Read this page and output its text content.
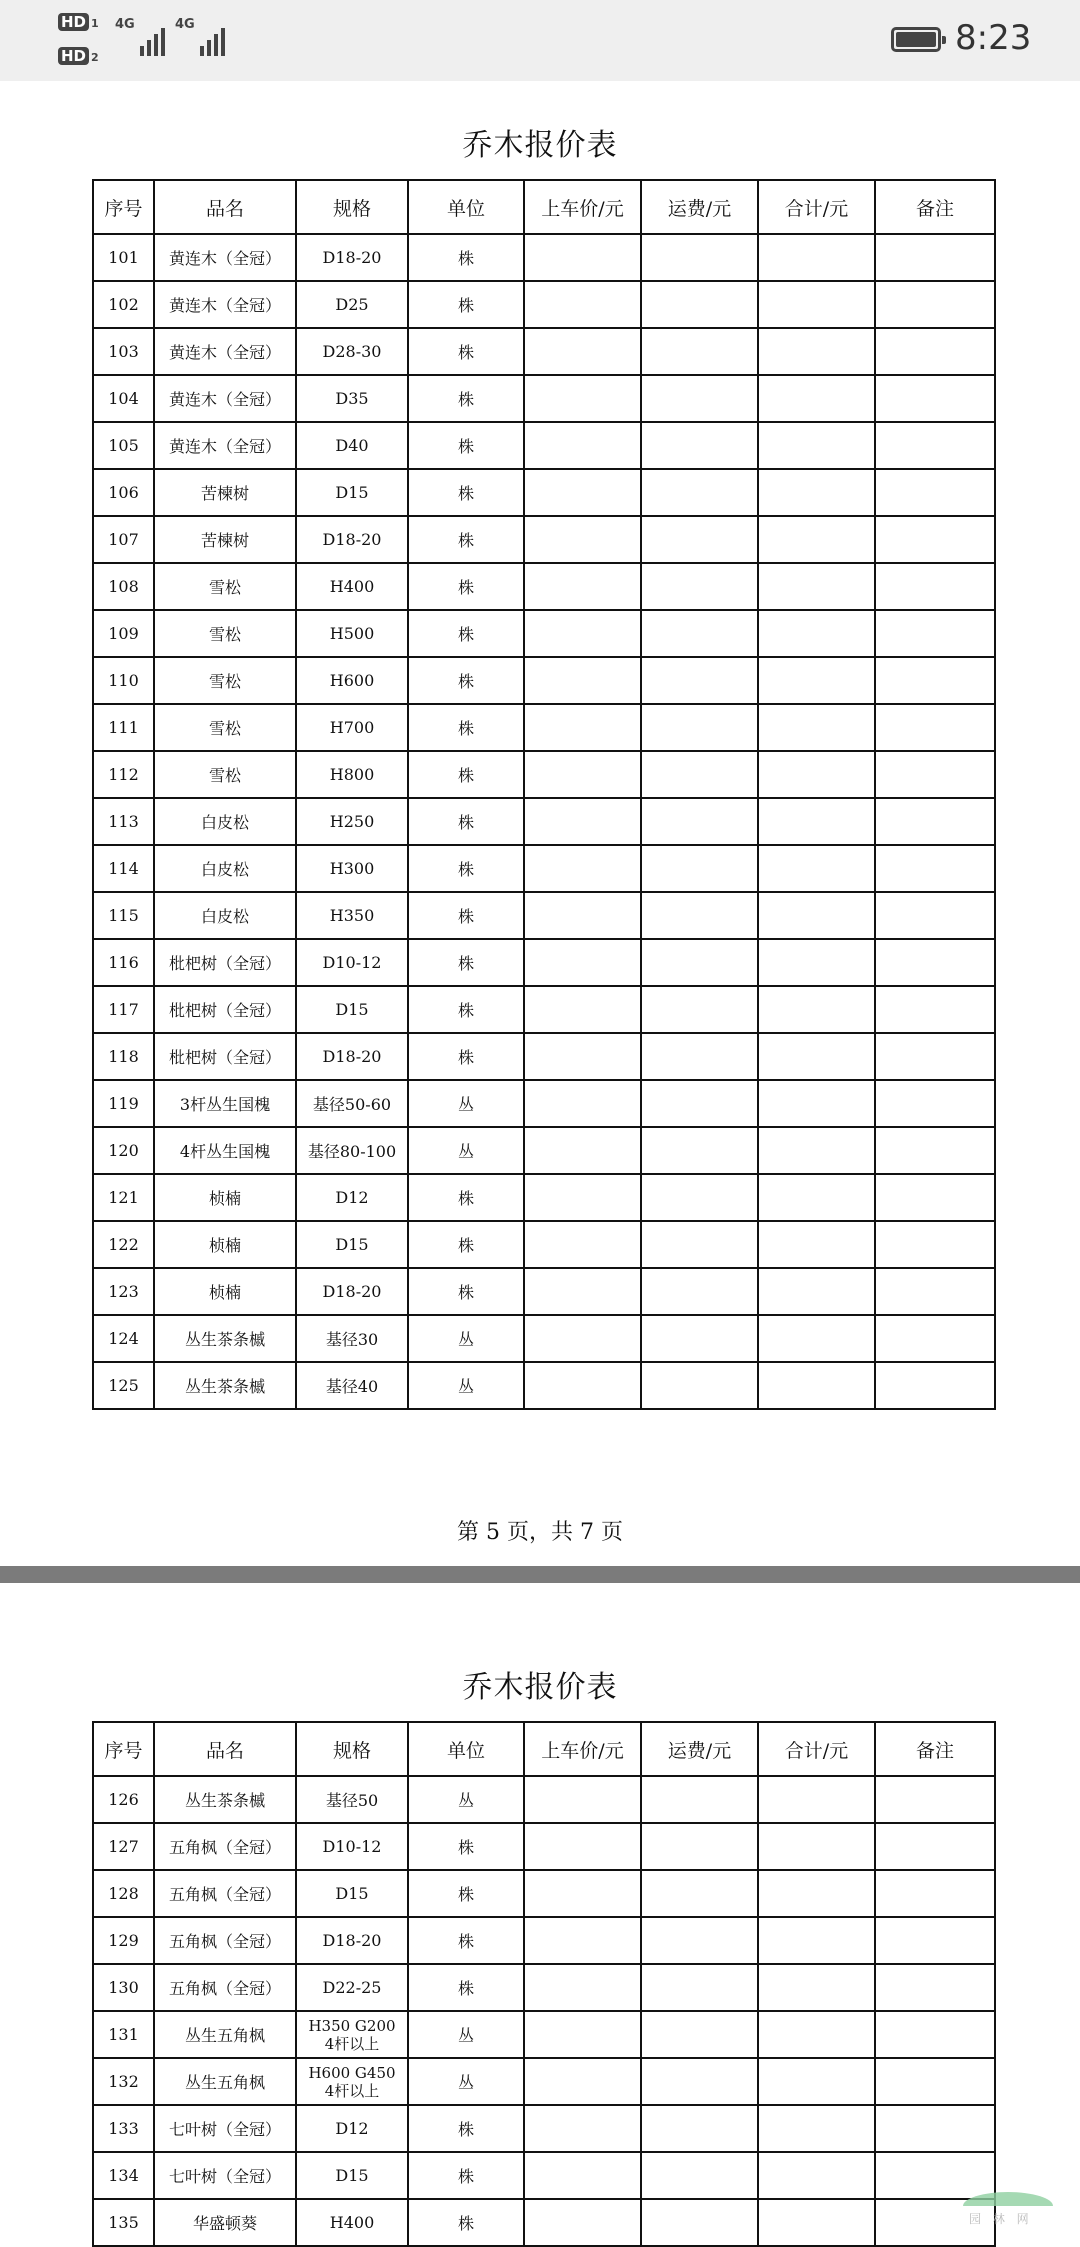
HD 1
HD 2
4G	4G	8:23
乔木报价表
序号	品名	规格	单位	上车价/元	运费/元	合计/元	备注
101	黄连木（全冠）	D18-20	株				
102	黄连木（全冠）	D25	株				
103	黄连木（全冠）	D28-30	株				
104	黄连木（全冠）	D35	株				
105	黄连木（全冠）	D40	株				
106	苦楝树	D15	株				
107	苦楝树	D18-20	株				
108	雪松	H400	株				
109	雪松	H500	株				
110	雪松	H600	株				
111	雪松	H700	株				
112	雪松	H800	株				
113	白皮松	H250	株				
114	白皮松	H300	株				
115	白皮松	H350	株				
116	枇杷树（全冠）	D10-12	株				
117	枇杷树（全冠）	D15	株				
118	枇杷树（全冠）	D18-20	株				
119	3杆丛生国槐	基径50-60	丛				
120	4杆丛生国槐	基径80-100	丛				
121	桢楠	D12	株				
122	桢楠	D15	株				
123	桢楠	D18-20	株				
124	丛生茶条槭	基径30	丛				
125	丛生茶条槭	基径40	丛				
第 5 页，共 7 页
乔木报价表
序号	品名	规格	单位	上车价/元	运费/元	合计/元	备注
126	丛生茶条槭	基径50	丛				
127	五角枫（全冠）	D10-12	株				
128	五角枫（全冠）	D15	株				
129	五角枫（全冠）	D18-20	株				
130	五角枫（全冠）	D22-25	株				
131	丛生五角枫	H350 G200
4杆以上	丛				
132	丛生五角枫	H600 G450
4杆以上	丛				
133	七叶树（全冠）	D12	株				
134	七叶树（全冠）	D15	株				
135	华盛顿葵	H400	株					园 林 网
